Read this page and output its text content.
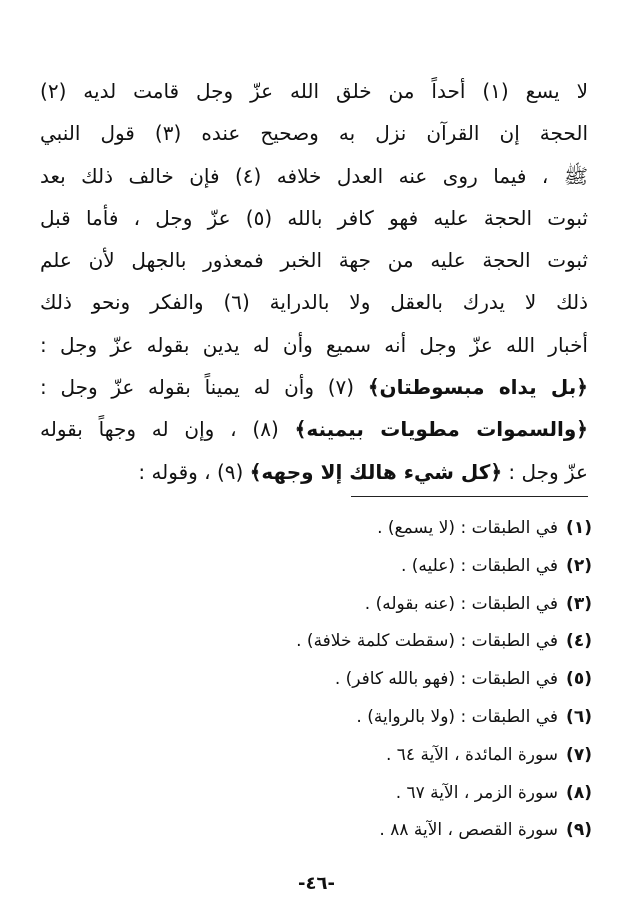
لا يسع (١) أحداً من خلق الله عزّ وجل قامت لديه (٢)
الحجة إن القرآن نزل به وصحيح عنده (٣) قول النبي
ﷺ ، فيما روى عنه العدل خلافه (٤) فإن خالف ذلك بعد
ثبوت الحجة عليه فهو كافر بالله (٥) عزّ وجل ، فأما قبل
ثبوت الحجة عليه من جهة الخبر فمعذور بالجهل لأن علم
ذلك لا يدرك بالعقل ولا بالدراية (٦) والفكر ونحو ذلك
أخبار الله عزّ وجل أنه سميع وأن له يدين بقوله عزّ وجل :
﴿بل يداه مبسوطتان﴾ (٧) وأن له يميناً بقوله عزّ وجل :
﴿والسموات مطويات بيمينه﴾ (٨) ، وإن له وجهاً بقوله
عزّ وجل : ﴿كل شيء هالك إلا وجهه﴾ (٩) ، وقوله :
(١)في الطبقات : (لا يسمع) .
(٢)في الطبقات : (عليه) .
(٣)في الطبقات : (عنه بقوله) .
(٤)في الطبقات : (سقطت كلمة خلافة) .
(٥)في الطبقات : (فهو بالله كافر) .
(٦)في الطبقات : (ولا بالرواية) .
(٧)سورة المائدة ، الآية ٦٤ .
(٨)سورة الزمر ، الآية ٦٧ .
(٩)سورة القصص ، الآية ٨٨ .
-٤٦-
